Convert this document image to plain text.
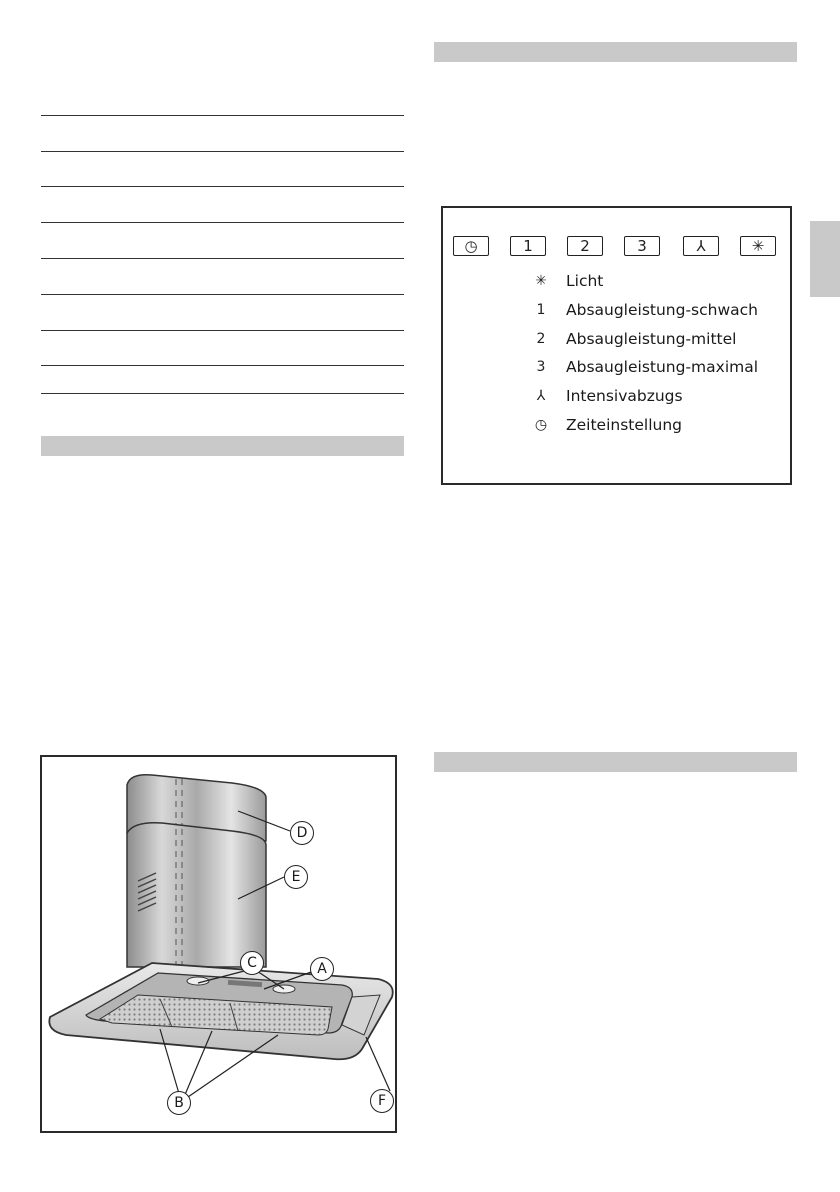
◷	1	2	3	⅄	✳
✳ Licht
1	Absaugleistung-schwach
2	Absaugleistung-mittel
3	Absaugleistung-maximal
⅄	Intensivabzugs
◷ Zeiteinstellung
D
E
C	A
B	F
